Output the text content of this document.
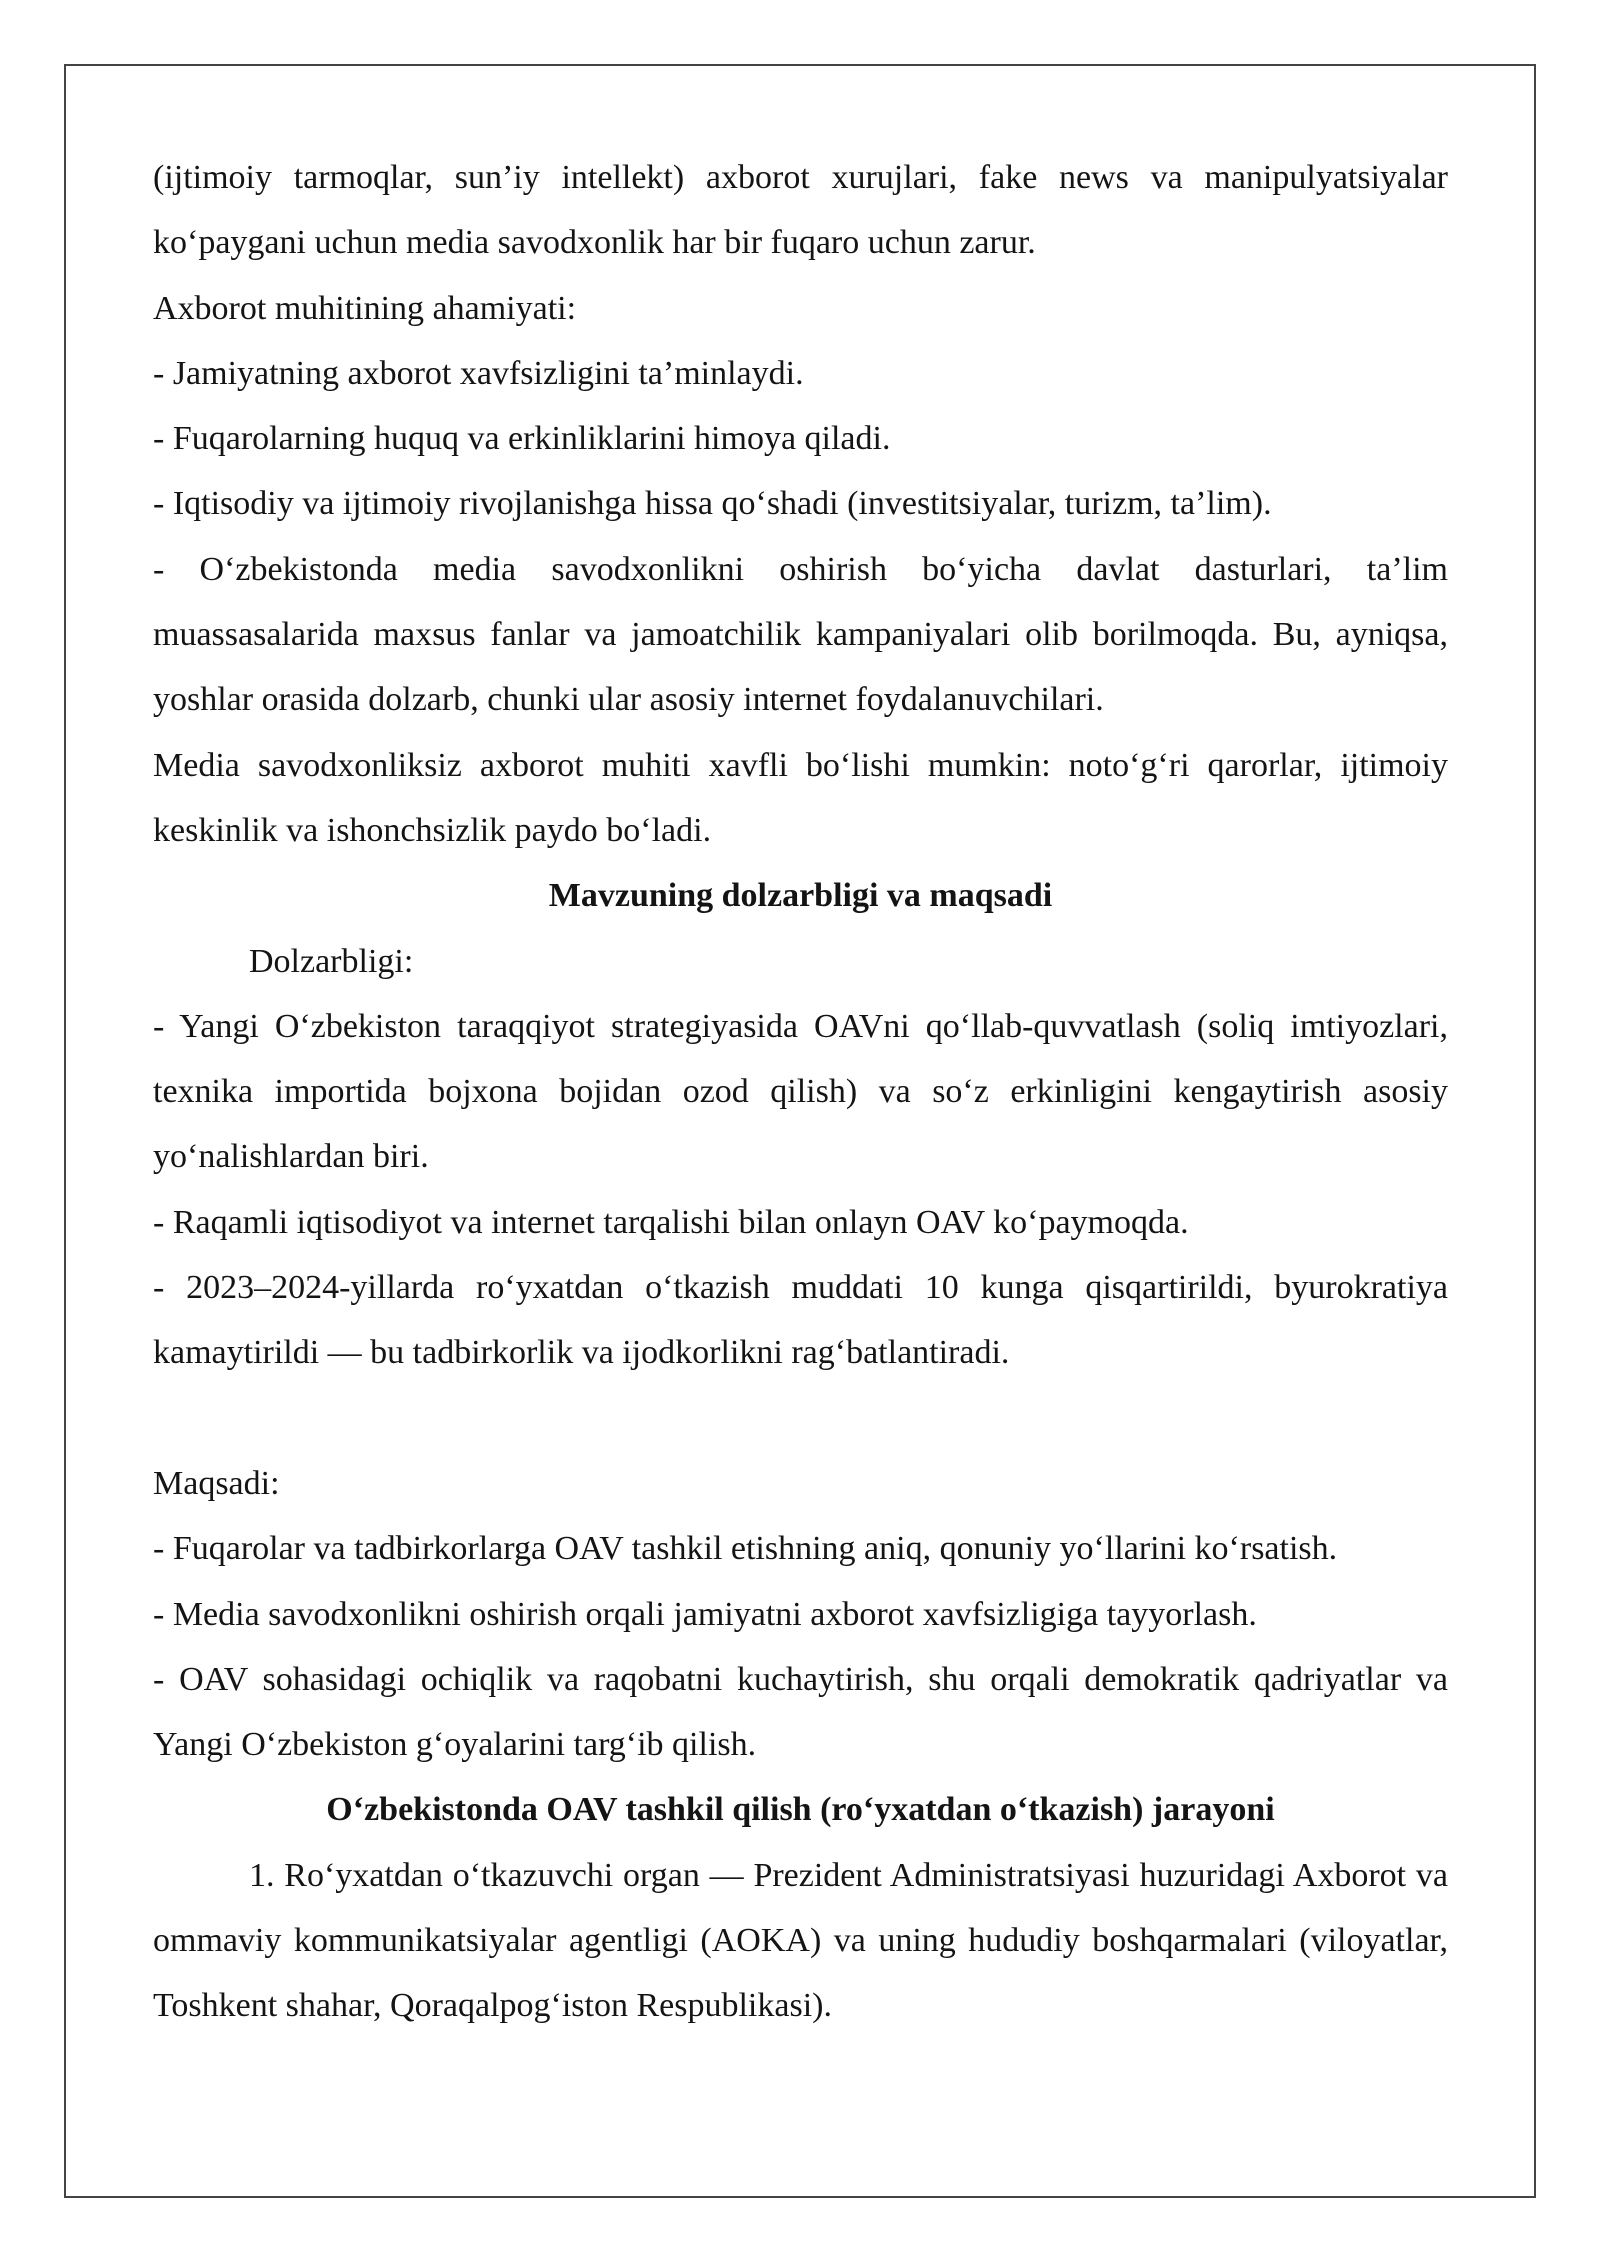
(ijtimoiy tarmoqlar, sun’iy intellekt) axborot xurujlari, fake news va manipulyatsiyalar ko‘paygani uchun media savodxonlik har bir fuqaro uchun zarur.

Axborot muhitining ahamiyati:

- Jamiyatning axborot xavfsizligini ta’minlaydi.

- Fuqarolarning huquq va erkinliklarini himoya qiladi.

- Iqtisodiy va ijtimoiy rivojlanishga hissa qo‘shadi (investitsiyalar, turizm, ta’lim).

- O‘zbekistonda media savodxonlikni oshirish bo‘yicha davlat dasturlari, ta’lim muassasalarida maxsus fanlar va jamoatchilik kampaniyalari olib borilmoqda. Bu, ayniqsa, yoshlar orasida dolzarb, chunki ular asosiy internet foydalanuvchilari.

Media savodxonliksiz axborot muhiti xavfli bo‘lishi mumkin: noto‘g‘ri qarorlar, ijtimoiy keskinlik va ishonchsizlik paydo bo‘ladi.

Mavzuning dolzarbligi va maqsadi

Dolzarbligi:

- Yangi O‘zbekiston taraqqiyot strategiyasida OAVni qo‘llab-quvvatlash (soliq imtiyozlari, texnika importida bojxona bojidan ozod qilish) va so‘z erkinligini kengaytirish asosiy yo‘nalishlardan biri.

- Raqamli iqtisodiyot va internet tarqalishi bilan onlayn OAV ko‘paymoqda.

- 2023–2024-yillarda ro‘yxatdan o‘tkazish muddati 10 kunga qisqartirildi, byurokratiya kamaytirildi — bu tadbirkorlik va ijodkorlikni rag‘batlantiradi.

Maqsadi:

- Fuqarolar va tadbirkorlarga OAV tashkil etishning aniq, qonuniy yo‘llarini ko‘rsatish.

- Media savodxonlikni oshirish orqali jamiyatni axborot xavfsizligiga tayyorlash.

- OAV sohasidagi ochiqlik va raqobatni kuchaytirish, shu orqali demokratik qadriyatlar va Yangi O‘zbekiston g‘oyalarini targ‘ib qilish.

O‘zbekistonda OAV tashkil qilish (ro‘yxatdan o‘tkazish) jarayoni

1. Ro‘yxatdan o‘tkazuvchi organ — Prezident Administratsiyasi huzuridagi Axborot va ommaviy kommunikatsiyalar agentligi (AOKA) va uning hududiy boshqarmalari (viloyatlar, Toshkent shahar, Qoraqalpog‘iston Respublikasi).
